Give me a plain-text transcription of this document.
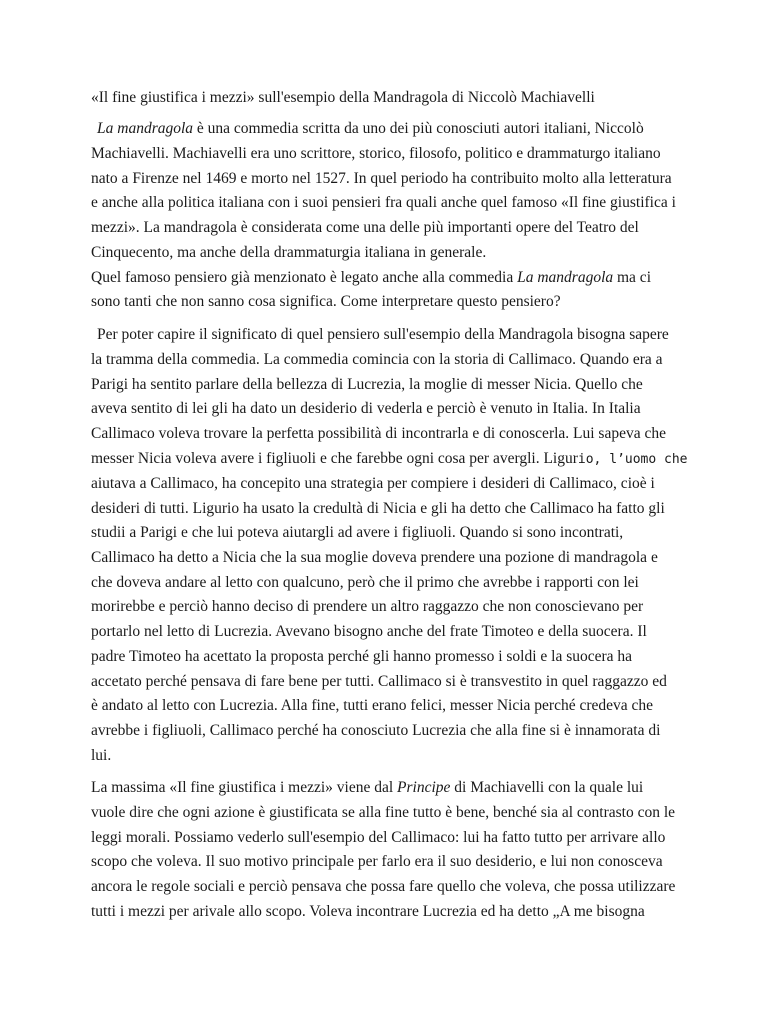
«Il fine giustifica i mezzi» sull'esempio della Mandragola di Niccolò Machiavelli
La mandragola è una commedia scritta da uno dei più conosciuti autori italiani, Niccolò
Machiavelli. Machiavelli era uno scrittore, storico, filosofo, politico e drammaturgo italiano
nato a Firenze nel 1469 e morto nel 1527. In quel periodo ha contribuito molto alla letteratura
e anche alla politica italiana con i suoi pensieri fra quali anche quel famoso «Il fine giustifica i
mezzi». La mandragola è considerata come una delle più importanti opere del Teatro del
Cinquecento, ma anche della drammaturgia italiana in generale.
Quel famoso pensiero già menzionato è legato anche alla commedia La mandragola ma ci
sono tanti che non sanno cosa significa. Come interpretare questo pensiero?
Per poter capire il significato di quel pensiero sull'esempio della Mandragola bisogna sapere
la tramma della commedia. La commedia comincia con la storia di Callimaco. Quando era a
Parigi ha sentito parlare della bellezza di Lucrezia, la moglie di messer Nicia. Quello che
aveva sentito di lei gli ha dato un desiderio di vederla e perciò è venuto in Italia. In Italia
Callimaco voleva trovare la perfetta possibilità di incontrarla e di conoscerla. Lui sapeva che
messer Nicia voleva avere i figliuoli e che farebbe ogni cosa per avergli. Ligurio, l’uomo che
aiutava a Callimaco, ha concepito una strategia per compiere i desideri di Callimaco, cioè i
desideri di tutti. Ligurio ha usato la credultà di Nicia e gli ha detto che Callimaco ha fatto gli
studii a Parigi e che lui poteva aiutargli ad avere i figliuoli. Quando si sono incontrati,
Callimaco ha detto a Nicia che la sua moglie doveva prendere una pozione di mandragola e
che doveva andare al letto con qualcuno, però che il primo che avrebbe i rapporti con lei
morirebbe e perciò hanno deciso di prendere un altro raggazzo che non conoscievano per
portarlo nel letto di Lucrezia. Avevano bisogno anche del frate Timoteo e della suocera. Il
padre Timoteo ha acettato la proposta perché gli hanno promesso i soldi e la suocera ha
accetato perché pensava di fare bene per tutti. Callimaco si è transvestito in quel raggazzo ed
è andato al letto con Lucrezia. Alla fine, tutti erano felici, messer Nicia perché credeva che
avrebbe i figliuoli, Callimaco perché ha conosciuto Lucrezia che alla fine si è innamorata di
lui.
La massima «Il fine giustifica i mezzi» viene dal Principe di Machiavelli con la quale lui
vuole dire che ogni azione è giustificata se alla fine tutto è bene, benché sia al contrasto con le
leggi morali. Possiamo vederlo sull'esempio del Callimaco: lui ha fatto tutto per arrivare allo
scopo che voleva. Il suo motivo principale per farlo era il suo desiderio, e lui non conosceva
ancora le regole sociali e perciò pensava che possa fare quello che voleva, che possa utilizzare
tutti i mezzi per arivale allo scopo. Voleva incontrare Lucrezia ed ha detto „A me bisogna
